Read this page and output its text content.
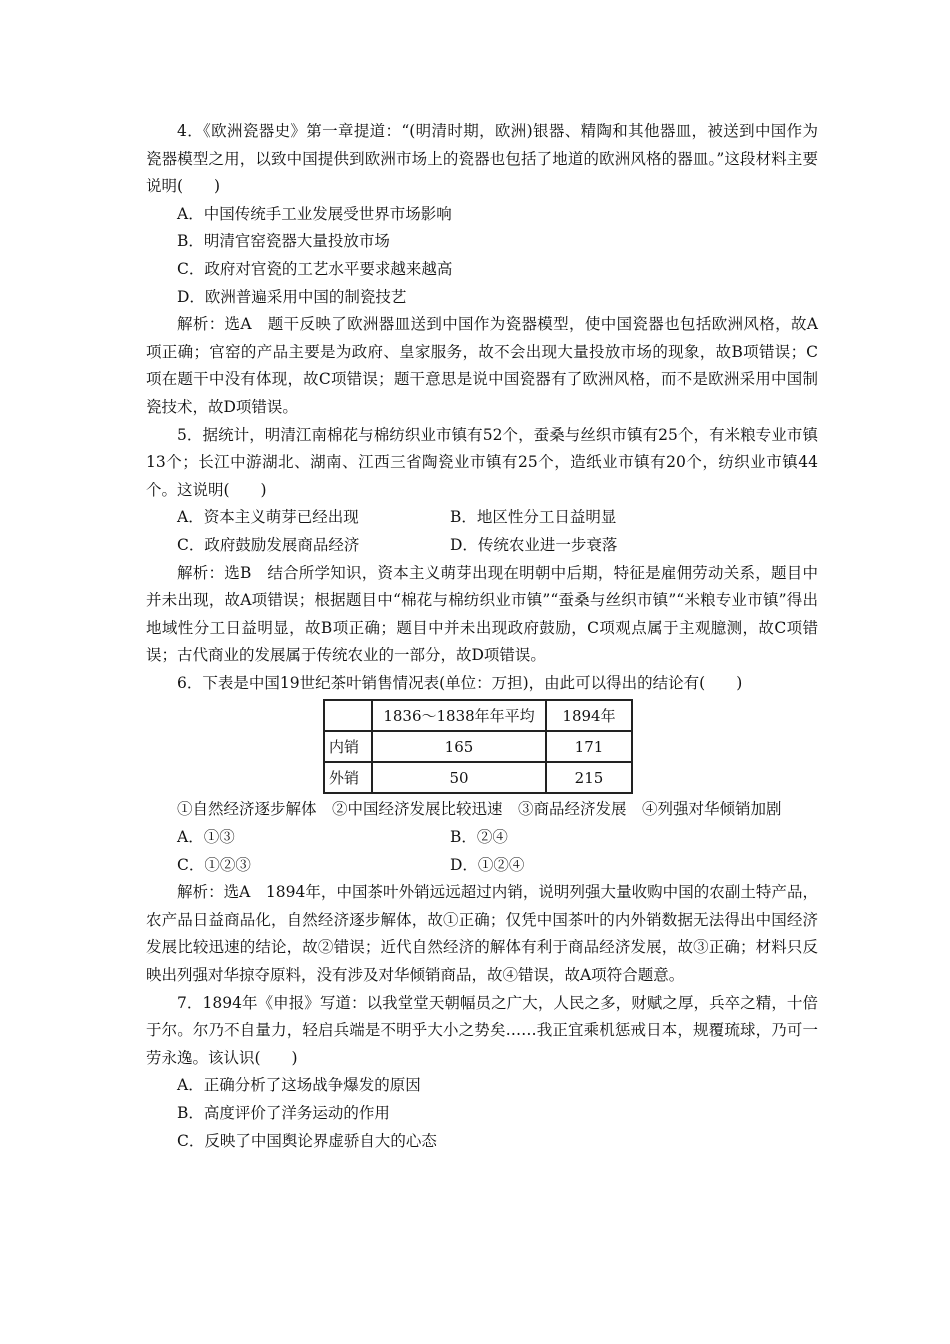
4．《欧洲瓷器史》第一章提道：“(明清时期，欧洲)银器、精陶和其他器皿，被送到中国作为瓷器模型之用，以致中国提供到欧洲市场上的瓷器也包括了地道的欧洲风格的器皿。”这段材料主要说明(　　)

A．中国传统手工业发展受世界市场影响

B．明清官窑瓷器大量投放市场

C．政府对官瓷的工艺水平要求越来越高

D．欧洲普遍采用中国的制瓷技艺

解析：选A　题干反映了欧洲器皿送到中国作为瓷器模型，使中国瓷器也包括欧洲风格，故A项正确；官窑的产品主要是为政府、皇家服务，故不会出现大量投放市场的现象，故B项错误；C项在题干中没有体现，故C项错误；题干意思是说中国瓷器有了欧洲风格，而不是欧洲采用中国制瓷技术，故D项错误。

5．据统计，明清江南棉花与棉纺织业市镇有52个，蚕桑与丝织市镇有25个，有米粮专业市镇13个；长江中游湖北、湖南、江西三省陶瓷业市镇有25个，造纸业市镇有20个，纺织业市镇44个。这说明(　　)

A．资本主义萌芽已经出现	B．地区性分工日益明显
C．政府鼓励发展商品经济	D．传统农业进一步衰落

解析：选B　结合所学知识，资本主义萌芽出现在明朝中后期，特征是雇佣劳动关系，题目中并未出现，故A项错误；根据题目中“棉花与棉纺织业市镇”“蚕桑与丝织市镇”“米粮专业市镇”得出地域性分工日益明显，故B项正确；题目中并未出现政府鼓励，C项观点属于主观臆测，故C项错误；古代商业的发展属于传统农业的一部分，故D项错误。

6．下表是中国19世纪茶叶销售情况表(单位：万担)，由此可以得出的结论有(　　)

	1836～1838年年平均	1894年
内销	165	171
外销	50	215

①自然经济逐步解体　②中国经济发展比较迅速　③商品经济发展　④列强对华倾销加剧

A．①③	B．②④
C．①②③	D．①②④

解析：选A　1894年，中国茶叶外销远远超过内销，说明列强大量收购中国的农副土特产品，农产品日益商品化，自然经济逐步解体，故①正确；仅凭中国茶叶的内外销数据无法得出中国经济发展比较迅速的结论，故②错误；近代自然经济的解体有利于商品经济发展，故③正确；材料只反映出列强对华掠夺原料，没有涉及对华倾销商品，故④错误，故A项符合题意。

7．1894年《申报》写道：以我堂堂天朝幅员之广大，人民之多，财赋之厚，兵卒之精，十倍于尔。尔乃不自量力，轻启兵端是不明乎大小之势矣……我正宜乘机惩戒日本，规覆琉球，乃可一劳永逸。该认识(　　)

A．正确分析了这场战争爆发的原因

B．高度评价了洋务运动的作用

C．反映了中国舆论界虚骄自大的心态
